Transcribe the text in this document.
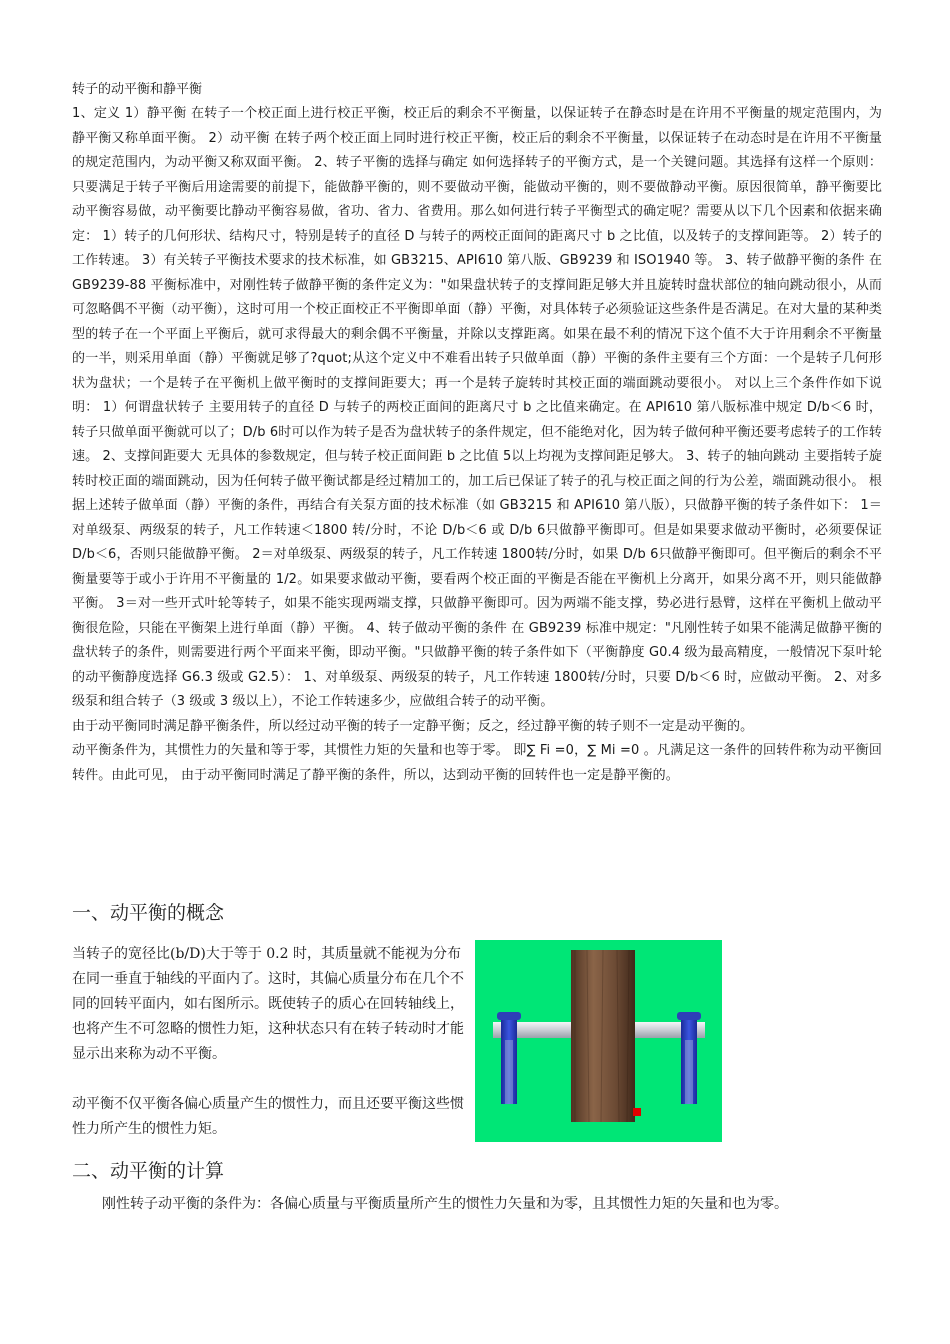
转子的动平衡和静平衡

1、定义 1）静平衡 在转子一个校正面上进行校正平衡，校正后的剩余不平衡量，以保证转子在静态时是在许用不平衡量的规定范围内，为静平衡又称单面平衡。 2）动平衡 在转子两个校正面上同时进行校正平衡，校正后的剩余不平衡量，以保证转子在动态时是在许用不平衡量的规定范围内，为动平衡又称双面平衡。 2、转子平衡的选择与确定 如何选择转子的平衡方式，是一个关键问题。其选择有这样一个原则：只要满足于转子平衡后用途需要的前提下，能做静平衡的，则不要做动平衡，能做动平衡的，则不要做静动平衡。原因很简单，静平衡要比动平衡容易做，动平衡要比静动平衡容易做，省功、省力、省费用。那么如何进行转子平衡型式的确定呢？需要从以下几个因素和依据来确定： 1）转子的几何形状、结构尺寸，特别是转子的直径 D 与转子的两校正面间的距离尺寸 b 之比值，以及转子的支撑间距等。 2）转子的工作转速。 3）有关转子平衡技术要求的技术标准，如 GB3215、API610 第八版、GB9239 和 ISO1940 等。 3、转子做静平衡的条件 在 GB9239-88 平衡标准中，对刚性转子做静平衡的条件定义为："如果盘状转子的支撑间距足够大并且旋转时盘状部位的轴向跳动很小，从而可忽略偶不平衡（动平衡），这时可用一个校正面校正不平衡即单面（静）平衡，对具体转子必须验证这些条件是否满足。在对大量的某种类型的转子在一个平面上平衡后，就可求得最大的剩余偶不平衡量，并除以支撑距离。如果在最不利的情况下这个值不大于许用剩余不平衡量的一半，则采用单面（静）平衡就足够了?quot;从这个定义中不难看出转子只做单面（静）平衡的条件主要有三个方面：一个是转子几何形状为盘状；一个是转子在平衡机上做平衡时的支撑间距要大；再一个是转子旋转时其校正面的端面跳动要很小。 对以上三个条件作如下说明： 1）何谓盘状转子 主要用转子的直径 D 与转子的两校正面间的距离尺寸 b 之比值来确定。在 API610 第八版标准中规定 D/b＜6 时，转子只做单面平衡就可以了；D/b 6时可以作为转子是否为盘状转子的条件规定，但不能绝对化，因为转子做何种平衡还要考虑转子的工作转速。 2、支撑间距要大 无具体的参数规定，但与转子校正面间距 b 之比值 5以上均视为支撑间距足够大。 3、转子的轴向跳动 主要指转子旋转时校正面的端面跳动，因为任何转子做平衡试都是经过精加工的，加工后已保证了转子的孔与校正面之间的行为公差，端面跳动很小。 根据上述转子做单面（静）平衡的条件，再结合有关泵方面的技术标准（如 GB3215 和 API610 第八版），只做静平衡的转子条件如下： 1＝对单级泵、两级泵的转子，凡工作转速＜1800 转/分时，不论 D/b＜6 或 D/b 6只做静平衡即可。但是如果要求做动平衡时，必须要保证 D/b＜6，否则只能做静平衡。 2＝对单级泵、两级泵的转子，凡工作转速 1800转/分时，如果 D/b 6只做静平衡即可。但平衡后的剩余不平衡量要等于或小于许用不平衡量的 1/2。如果要求做动平衡，要看两个校正面的平衡是否能在平衡机上分离开，如果分离不开，则只能做静平衡。 3＝对一些开式叶轮等转子，如果不能实现两端支撑，只做静平衡即可。因为两端不能支撑，势必进行悬臂，这样在平衡机上做动平衡很危险，只能在平衡架上进行单面（静）平衡。 4、转子做动平衡的条件 在 GB9239 标准中规定："凡刚性转子如果不能满足做静平衡的盘状转子的条件，则需要进行两个平面来平衡，即动平衡。"只做静平衡的转子条件如下（平衡静度 G0.4 级为最高精度，一般情况下泵叶轮的动平衡静度选择 G6.3 级或 G2.5）： 1、对单级泵、两级泵的转子，凡工作转速 1800转/分时，只要 D/b＜6 时，应做动平衡。 2、对多级泵和组合转子（3 级或 3 级以上），不论工作转速多少，应做组合转子的动平衡。

由于动平衡同时满足静平衡条件，所以经过动平衡的转子一定静平衡；反之，经过静平衡的转子则不一定是动平衡的。

动平衡条件为，其惯性力的矢量和等于零，其惯性力矩的矢量和也等于零。 即∑ Fi =0，∑ Mi =0 。凡满足这一条件的回转件称为动平衡回转件。由此可见， 由于动平衡同时满足了静平衡的条件，所以，达到动平衡的回转件也一定是静平衡的。

一、动平衡的概念

当转子的宽径比(b/D)大于等于 0.2 时，其质量就不能视为分布在同一垂直于轴线的平面内了。这时，其偏心质量分布在几个不同的回转平面内，如右图所示。既使转子的质心在回转轴线上，也将产生不可忽略的惯性力矩，这种状态只有在转子转动时才能显示出来称为动不平衡。

动平衡不仅平衡各偏心质量产生的惯性力，而且还要平衡这些惯性力所产生的惯性力矩。

二、动平衡的计算
刚性转子动平衡的条件为：各偏心质量与平衡质量所产生的惯性力矢量和为零，且其惯性力矩的矢量和也为零。
